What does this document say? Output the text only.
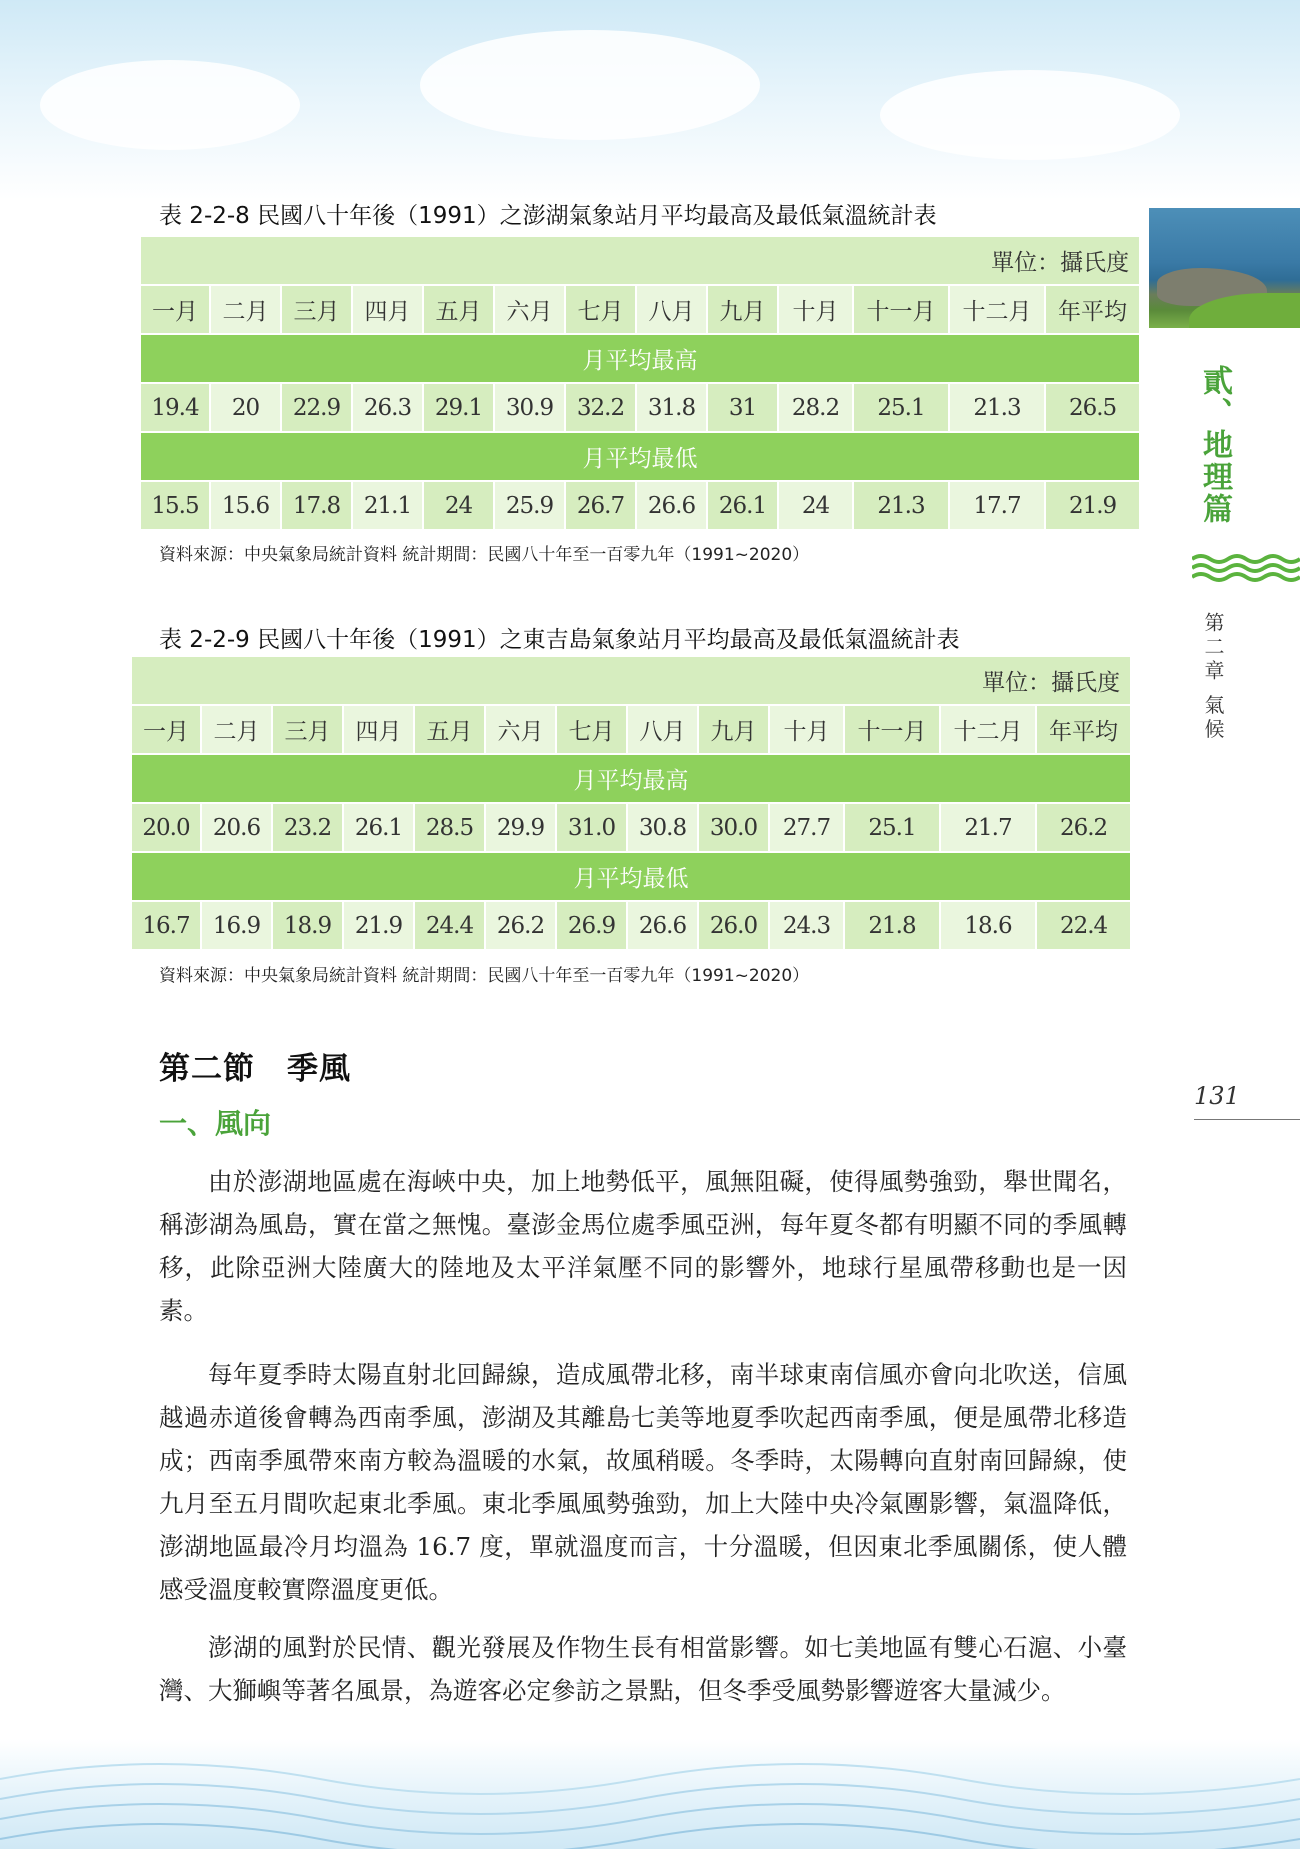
貳、地理篇
第二章 氣候
131
表 2-2-8 民國八十年後（1991）之澎湖氣象站月平均最高及最低氣溫統計表
單位：攝氏度												
一月	二月	三月	四月	五月	六月	七月	八月	九月	十月	十一月	十二月	年平均
月平均最高												
19.4	20	22.9	26.3	29.1	30.9	32.2	31.8	31	28.2	25.1	21.3	26.5
月平均最低												
15.5	15.6	17.8	21.1	24	25.9	26.7	26.6	26.1	24	21.3	17.7	21.9
資料來源：中央氣象局統計資料 統計期間：民國八十年至一百零九年（1991~2020）
表 2-2-9 民國八十年後（1991）之東吉島氣象站月平均最高及最低氣溫統計表
單位：攝氏度												
一月	二月	三月	四月	五月	六月	七月	八月	九月	十月	十一月	十二月	年平均
月平均最高												
20.0	20.6	23.2	26.1	28.5	29.9	31.0	30.8	30.0	27.7	25.1	21.7	26.2
月平均最低												
16.7	16.9	18.9	21.9	24.4	26.2	26.9	26.6	26.0	24.3	21.8	18.6	22.4
資料來源：中央氣象局統計資料 統計期間：民國八十年至一百零九年（1991~2020）
第二節　季風
一、風向

由於澎湖地區處在海峽中央，加上地勢低平，風無阻礙，使得風勢強勁，舉世聞名，稱澎湖為風島，實在當之無愧。臺澎金馬位處季風亞洲，每年夏冬都有明顯不同的季風轉移，此除亞洲大陸廣大的陸地及太平洋氣壓不同的影響外，地球行星風帶移動也是一因素。

每年夏季時太陽直射北回歸線，造成風帶北移，南半球東南信風亦會向北吹送，信風越過赤道後會轉為西南季風，澎湖及其離島七美等地夏季吹起西南季風，便是風帶北移造成；西南季風帶來南方較為溫暖的水氣，故風稍暖。冬季時，太陽轉向直射南回歸線，使九月至五月間吹起東北季風。東北季風風勢強勁，加上大陸中央冷氣團影響，氣溫降低，澎湖地區最冷月均溫為 16.7 度，單就溫度而言，十分溫暖，但因東北季風關係，使人體感受溫度較實際溫度更低。

澎湖的風對於民情、觀光發展及作物生長有相當影響。如七美地區有雙心石滬、小臺灣、大獅嶼等著名風景，為遊客必定參訪之景點，但冬季受風勢影響遊客大量減少。
